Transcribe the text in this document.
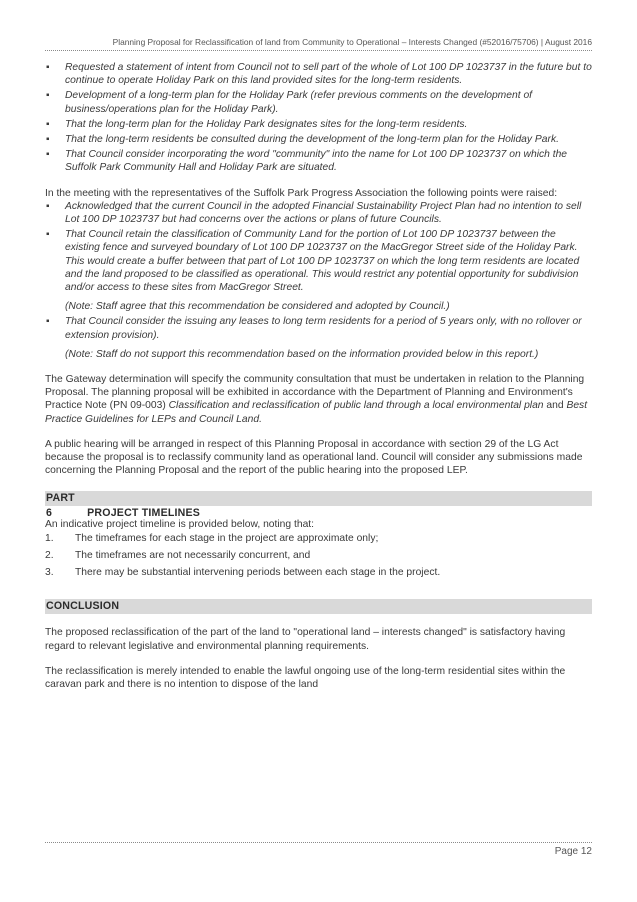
Planning Proposal for Reclassification of land from Community to Operational – Interests Changed (#52016/75706) | August 2016
▪ Requested a statement of intent from Council not to sell part of the whole of Lot 100 DP 1023737 in the future but to continue to operate Holiday Park on this land provided sites for the long-term residents.
▪ Development of a long-term plan for the Holiday Park (refer previous comments on the development of business/operations plan for the Holiday Park).
▪ That the long-term plan for the Holiday Park designates sites for the long-term residents.
▪ That the long-term residents be consulted during the development of the long-term plan for the Holiday Park.
▪ That Council consider incorporating the word "community" into the name for Lot 100 DP 1023737 on which the Suffolk Park Community Hall and Holiday Park are situated.

In the meeting with the representatives of the Suffolk Park Progress Association the following points were raised:

▪ Acknowledged that the current Council in the adopted Financial Sustainability Project Plan had no intention to sell Lot 100 DP 1023737 but had concerns over the actions or plans of future Councils.
▪ That Council retain the classification of Community Land for the portion of Lot 100 DP 1023737 between the existing fence and surveyed boundary of Lot 100 DP 1023737 on the MacGregor Street side of the Holiday Park. This would create a buffer between that part of Lot 100 DP 1023737 on which the long term residents are located and the land proposed to be classified as operational. This would restrict any potential opportunity for subdivision and/or access to these sites from MacGregor Street.
(Note: Staff agree that this recommendation be considered and adopted by Council.)
▪ That Council consider the issuing any leases to long term residents for a period of 5 years only, with no rollover or extension provision).
(Note: Staff do not support this recommendation based on the information provided below in this report.)

The Gateway determination will specify the community consultation that must be undertaken in relation to the Planning Proposal. The planning proposal will be exhibited in accordance with the Department of Planning and Environment's Practice Note (PN 09-003) Classification and reclassification of public land through a local environmental plan and Best Practice Guidelines for LEPs and Council Land.

A public hearing will be arranged in respect of this Planning Proposal in accordance with section 29 of the LG Act because the proposal is to reclassify community land as operational land. Council will consider any submissions made concerning the Planning Proposal and the report of the public hearing into the proposed LEP.

PART 6	PROJECT TIMELINES

An indicative project timeline is provided below, noting that:

1. The timeframes for each stage in the project are approximate only;
2. The timeframes are not necessarily concurrent, and
3. There may be substantial intervening periods between each stage in the project.
CONCLUSION

The proposed reclassification of the part of the land to "operational land – interests changed" is satisfactory having regard to relevant legislative and environmental planning requirements.

The reclassification is merely intended to enable the lawful ongoing use of the long-term residential sites within the caravan park and there is no intention to dispose of the land

Page 12
